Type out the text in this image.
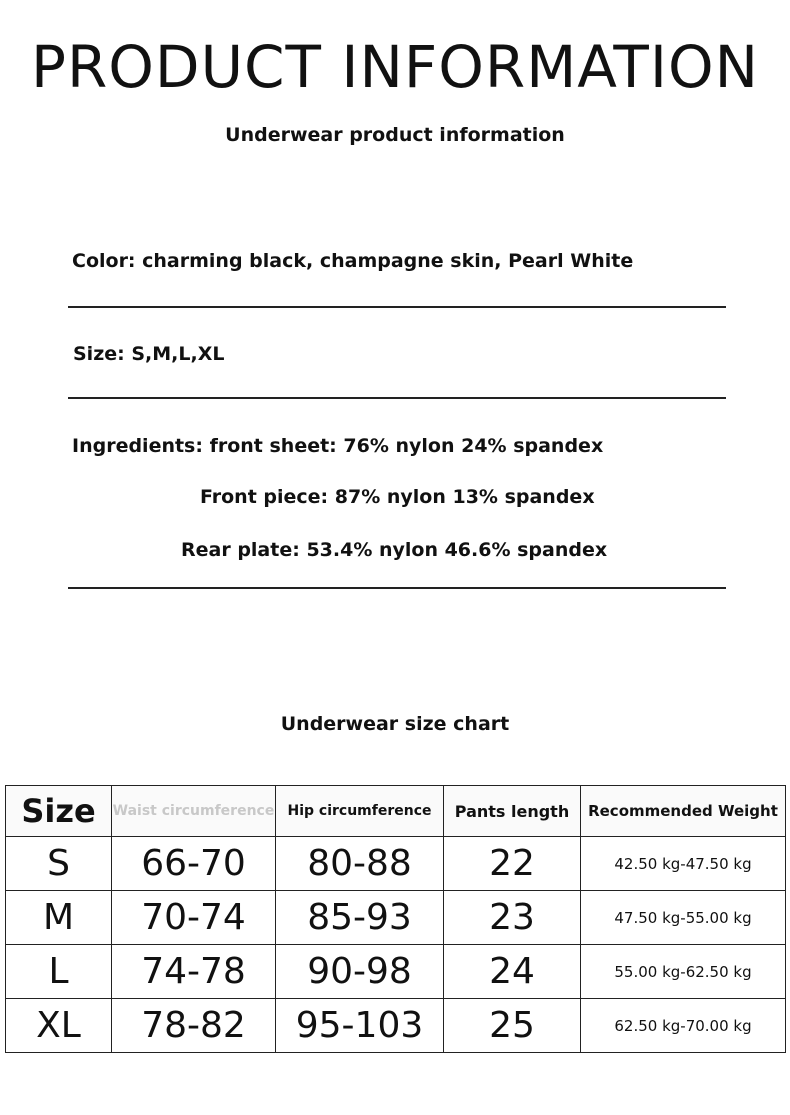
PRODUCT INFORMATION
Underwear product information
Color: charming black, champagne skin, Pearl White
Size: S,M,L,XL
Ingredients: front sheet: 76% nylon 24% spandex
Front piece: 87% nylon 13% spandex
Rear plate: 53.4% nylon 46.6% spandex
Underwear size chart
Size	Waist circumference	Hip circumference	Pants length	Recommended Weight
S	66-70	80-88	22	42.50 kg-47.50 kg
M	70-74	85-93	23	47.50 kg-55.00 kg
L	74-78	90-98	24	55.00 kg-62.50 kg
XL	78-82	95-103	25	62.50 kg-70.00 kg
